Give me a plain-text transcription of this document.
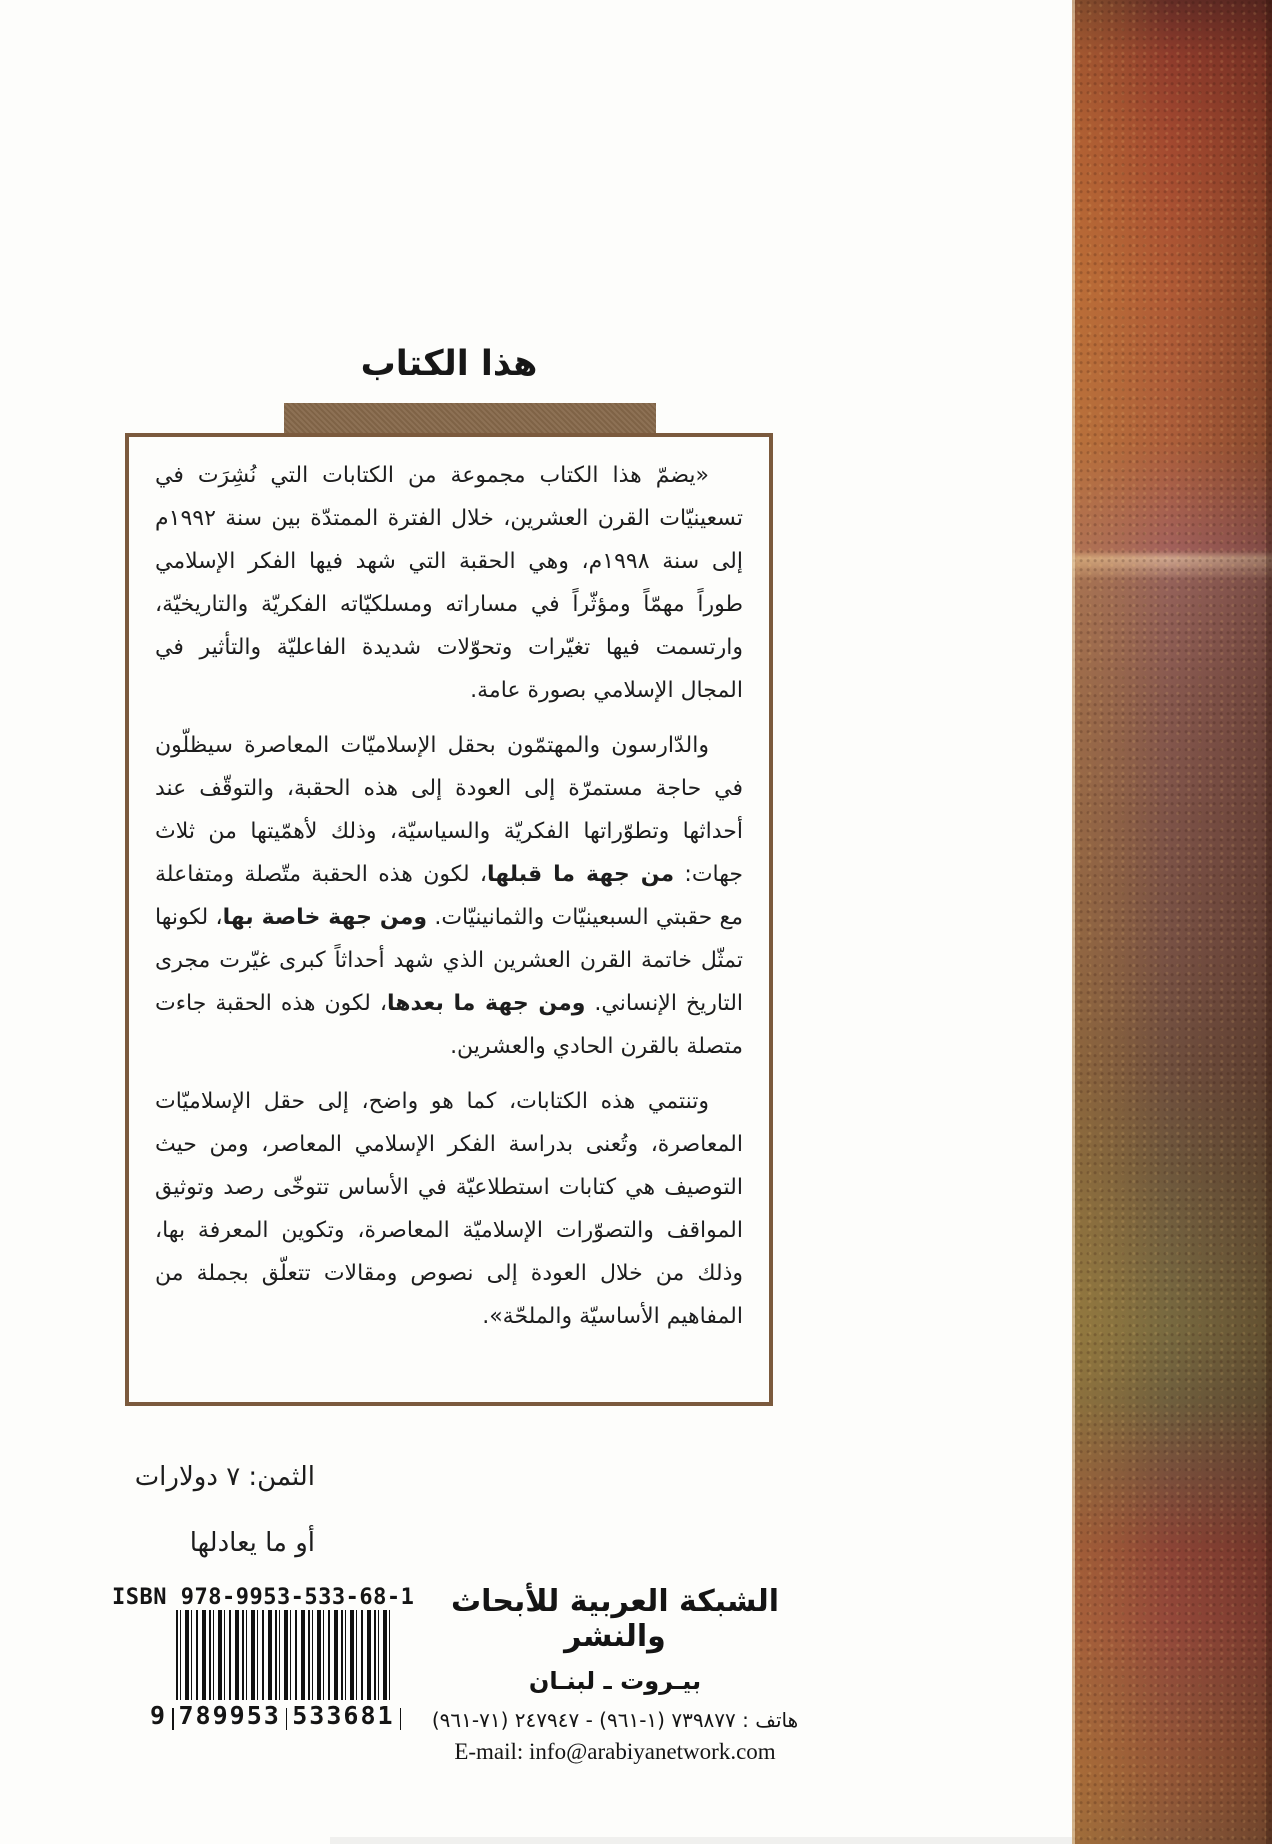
هذا الكتاب

«يضمّ هذا الكتاب مجموعة من الكتابات التي نُشِرَت في تسعينيّات القرن العشرين، خلال الفترة الممتدّة بين سنة ١٩٩٢م إلى سنة ١٩٩٨م، وهي الحقبة التي شهد فيها الفكر الإسلامي طوراً مهمّاً ومؤثّراً في مساراته ومسلكيّاته الفكريّة والتاريخيّة، وارتسمت فيها تغيّرات وتحوّلات شديدة الفاعليّة والتأثير في المجال الإسلامي بصورة عامة.

والدّارسون والمهتمّون بحقل الإسلاميّات المعاصرة سيظلّون في حاجة مستمرّة إلى العودة إلى هذه الحقبة، والتوقّف عند أحداثها وتطوّراتها الفكريّة والسياسيّة، وذلك لأهمّيتها من ثلاث جهات: من جهة ما قبلها، لكون هذه الحقبة متّصلة ومتفاعلة مع حقبتي السبعينيّات والثمانينيّات. ومن جهة خاصة بها، لكونها تمثّل خاتمة القرن العشرين الذي شهد أحداثاً كبرى غيّرت مجرى التاريخ الإنساني. ومن جهة ما بعدها، لكون هذه الحقبة جاءت متصلة بالقرن الحادي والعشرين.

وتنتمي هذه الكتابات، كما هو واضح، إلى حقل الإسلاميّات المعاصرة، وتُعنى بدراسة الفكر الإسلامي المعاصر، ومن حيث التوصيف هي كتابات استطلاعيّة في الأساس تتوخّى رصد وتوثيق المواقف والتصوّرات الإسلاميّة المعاصرة، وتكوين المعرفة بها، وذلك من خلال العودة إلى نصوص ومقالات تتعلّق بجملة من المفاهيم الأساسيّة والملحّة».

الثمن: ٧ دولارات
أو ما يعادلها
ISBN 978-9953-533-68-1
9 789953 533681
الشبكة العربية للأبحاث والنشر
بيـروت ـ لبنـان
هاتف : ٧٣٩٨٧٧ (١-٩٦١) - ٢٤٧٩٤٧ (٧١-٩٦١)
E-mail: info@arabiyanetwork.com
